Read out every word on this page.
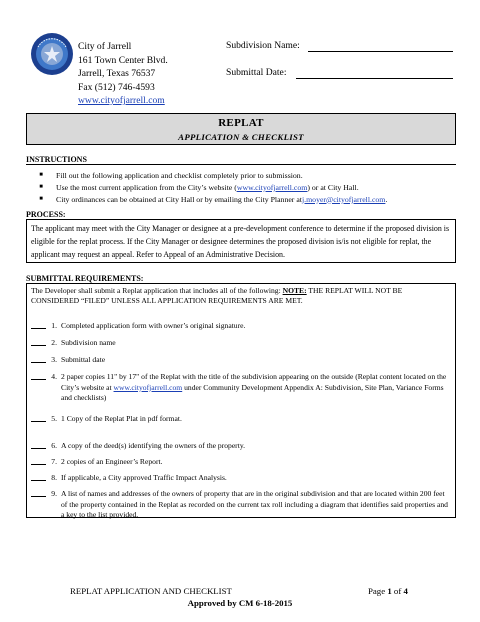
City of Jarrell
161 Town Center Blvd.
Jarrell, Texas 76537
Fax (512) 746-4593
www.cityofjarrell.com
Subdivision Name:
Submittal Date:
REPLAT
APPLICATION & CHECKLIST
INSTRUCTIONS
■	Fill out the following application and checklist completely prior to submission.
■	Use the most current application from the City’s website ( www.cityofjarrell.com ) or at City Hall.
■	City ordinances can be obtained at City Hall or by emailing the City Planner at j.moyer@cityofjarrell.com .
PROCESS:
The applicant may meet with the City Manager or designee at a pre-development conference to determine if the proposed division is eligible for the replat process. If the City Manager or designee determines the proposed division is/is not eligible for replat, the applicant may request an appeal. Refer to Appeal of an Administrative Decision.
SUBMITTAL REQUIREMENTS:
The Developer shall submit a Replat application that includes all of the following: NOTE: THE REPLAT WILL NOT BE CONSIDERED “FILED” UNLESS ALL APPLICATION REQUIREMENTS ARE MET.
1. Completed application form with owner’s original signature.
2. Subdivision name
3. Submittal date
4. 2 paper copies 11" by 17" of the Replat with the title of the subdivision appearing on the outside (Replat content located on the City’s website at www.cityofjarrell.com under Community Development Appendix A: Subdivision, Site Plan, Variance Forms and checklists)
5. 1 Copy of the Replat Plat in pdf format.
6. A copy of the deed(s) identifying the owners of the property.
7. 2 copies of an Engineer’s Report.
8. If applicable, a City approved Traffic Impact Analysis.
9. A list of names and addresses of the owners of property that are in the original subdivision and that are located within 200 feet of the property contained in the Replat as recorded on the current tax roll including a diagram that identifies said properties and a key to the list provided.
REPLAT APPLICATION AND CHECKLIST	Page 1 of 4
Approved by CM 6-18-2015
